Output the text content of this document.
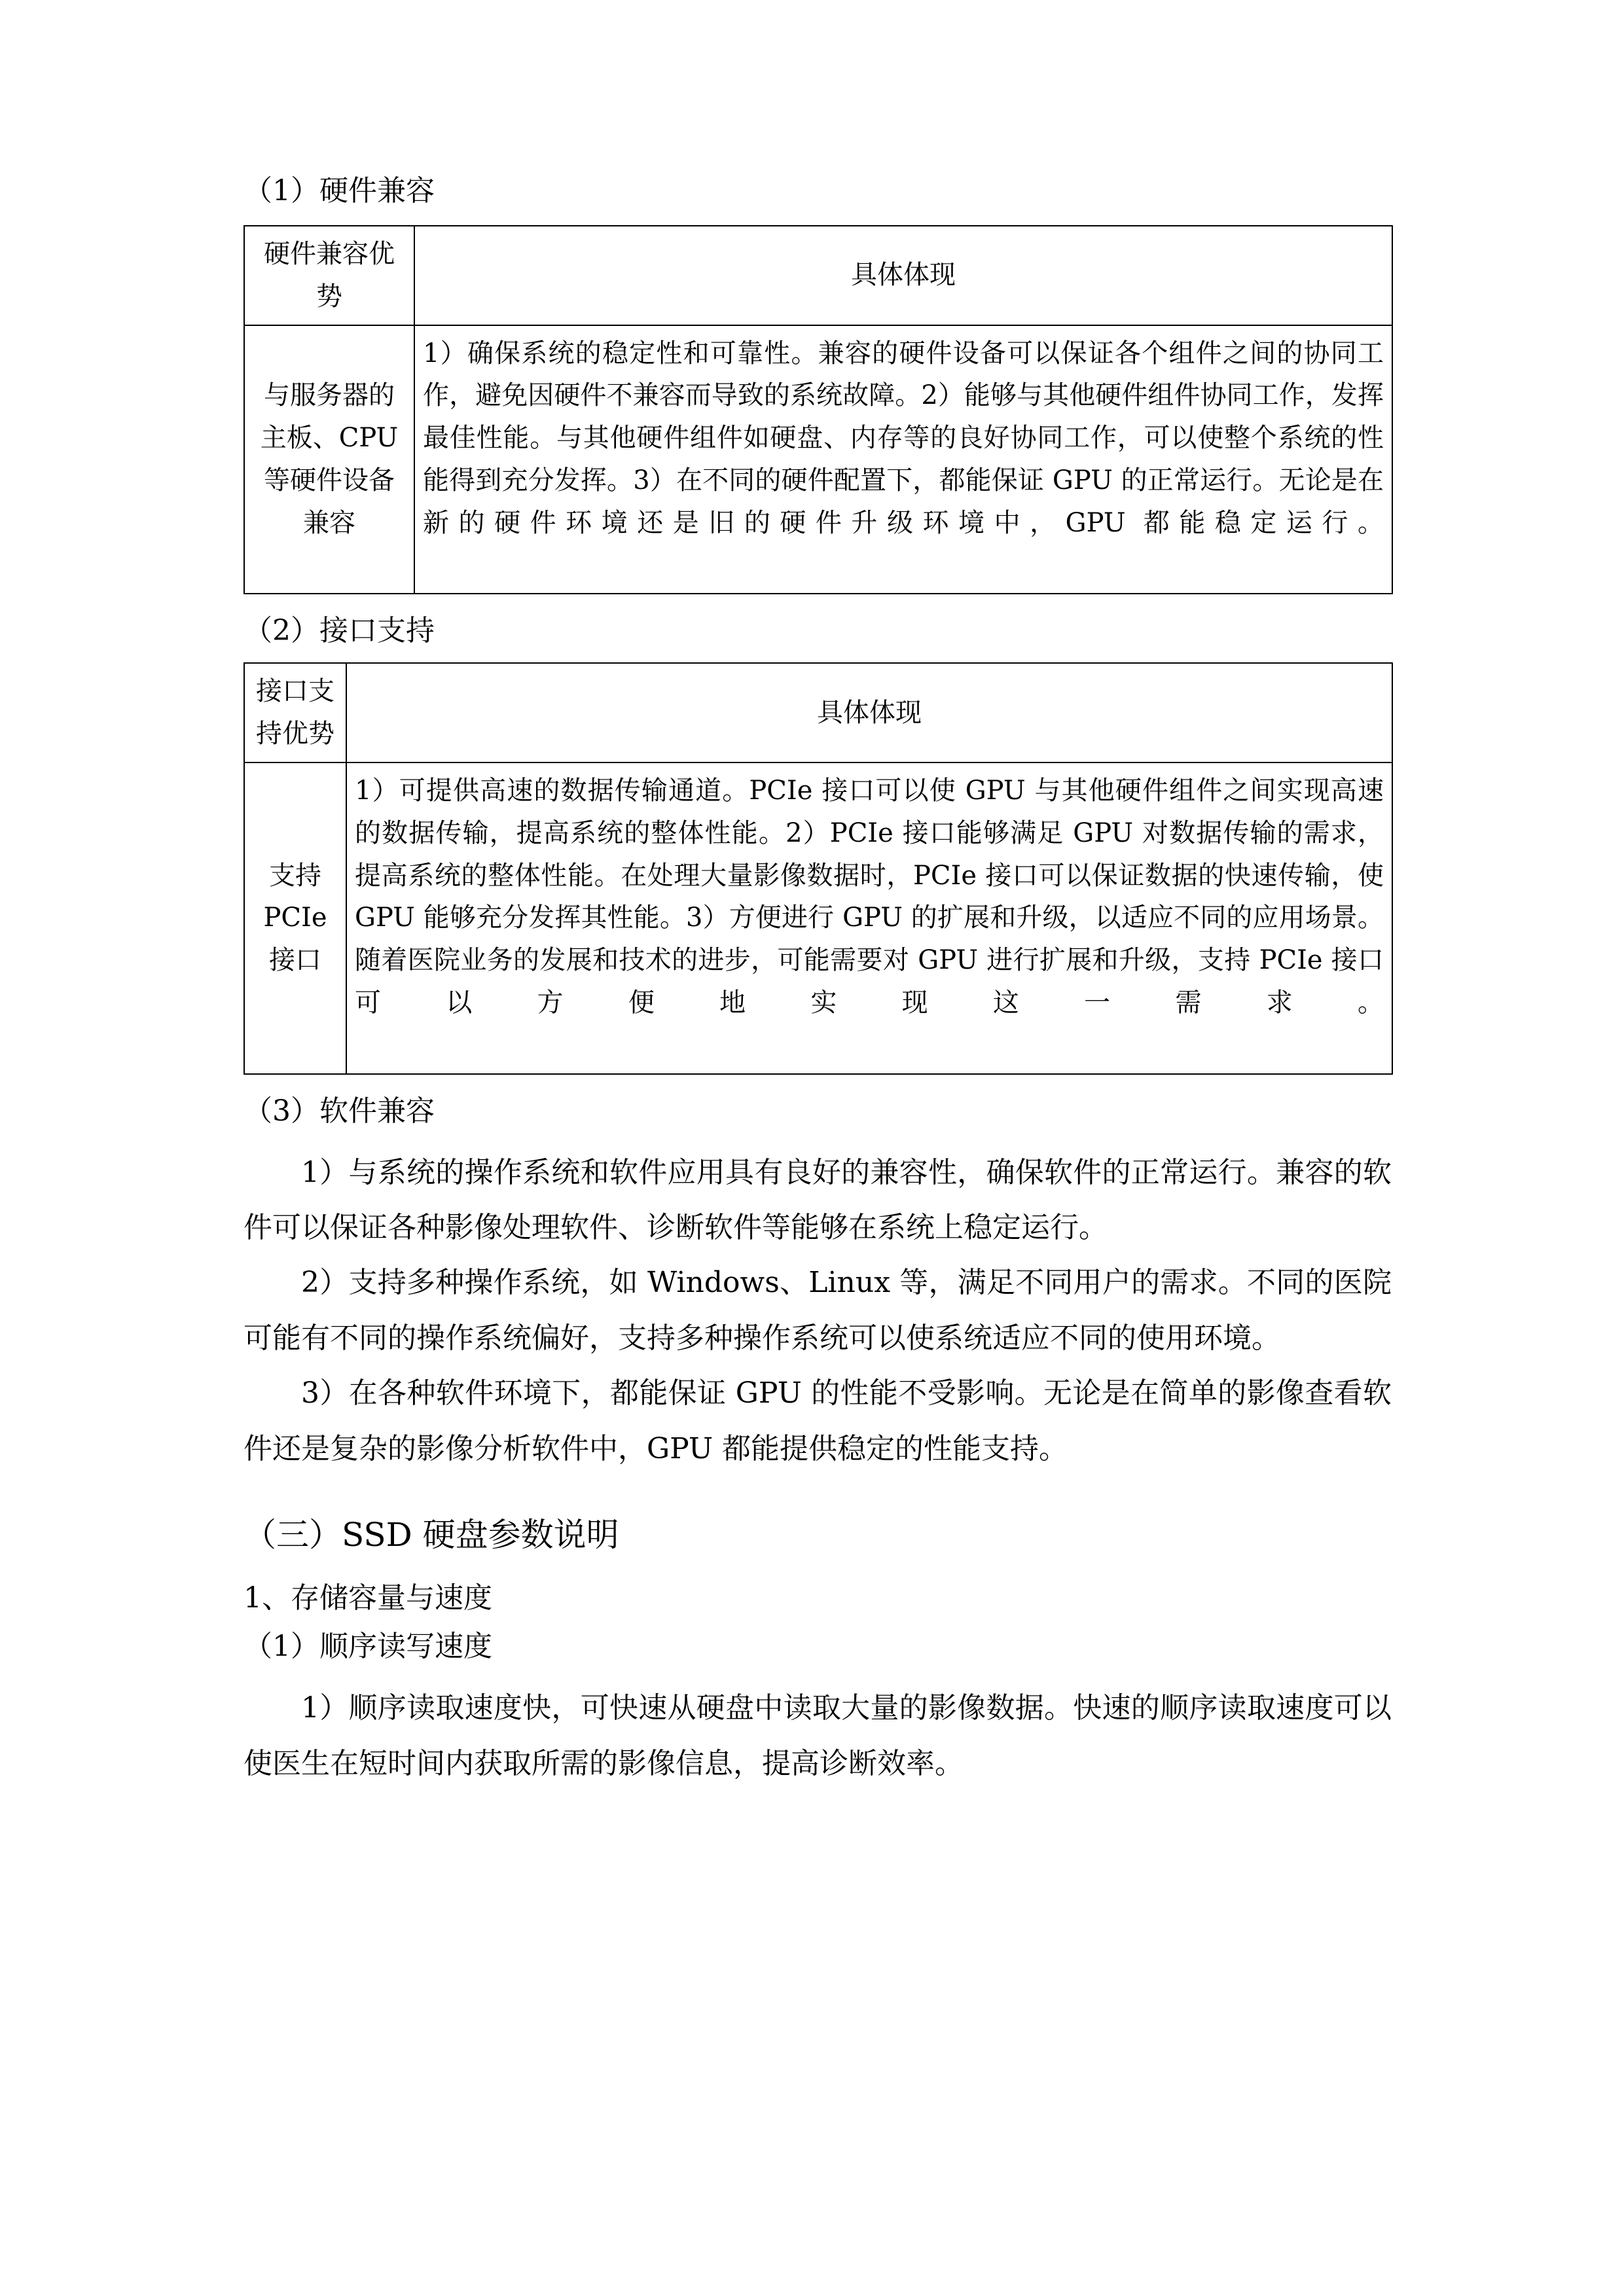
（1）硬件兼容

硬件兼容优势	具体体现
与服务器的主板、CPU等硬件设备兼容	1）确保系统的稳定性和可靠性。兼容的硬件设备可以保证各个组件之间的协同工作，避免因硬件不兼容而导致的系统故障。2）能够与其他硬件组件协同工作，发挥最佳性能。与其他硬件组件如硬盘、内存等的良好协同工作，可以使整个系统的性能得到充分发挥。3）在不同的硬件配置下，都能保证 GPU 的正常运行。无论是在新的硬件环境还是旧的硬件升级环境中，GPU 都能稳定运行。

（2）接口支持

接口支持优势	具体体现
支持 PCIe 接口	1）可提供高速的数据传输通道。PCIe 接口可以使 GPU 与其他硬件组件之间实现高速的数据传输，提高系统的整体性能。2）PCIe 接口能够满足 GPU 对数据传输的需求，提高系统的整体性能。在处理大量影像数据时，PCIe 接口可以保证数据的快速传输，使 GPU 能够充分发挥其性能。3）方便进行 GPU 的扩展和升级，以适应不同的应用场景。随着医院业务的发展和技术的进步，可能需要对 GPU 进行扩展和升级，支持 PCIe 接口可以方便地实现这一需求。

（3）软件兼容

1）与系统的操作系统和软件应用具有良好的兼容性，确保软件的正常运行。兼容的软件可以保证各种影像处理软件、诊断软件等能够在系统上稳定运行。

2）支持多种操作系统，如 Windows、Linux 等，满足不同用户的需求。不同的医院可能有不同的操作系统偏好，支持多种操作系统可以使系统适应不同的使用环境。

3）在各种软件环境下，都能保证 GPU 的性能不受影响。无论是在简单的影像查看软件还是复杂的影像分析软件中，GPU 都能提供稳定的性能支持。

（三）SSD 硬盘参数说明

1、存储容量与速度

（1）顺序读写速度

1）顺序读取速度快，可快速从硬盘中读取大量的影像数据。快速的顺序读取速度可以使医生在短时间内获取所需的影像信息，提高诊断效率。
